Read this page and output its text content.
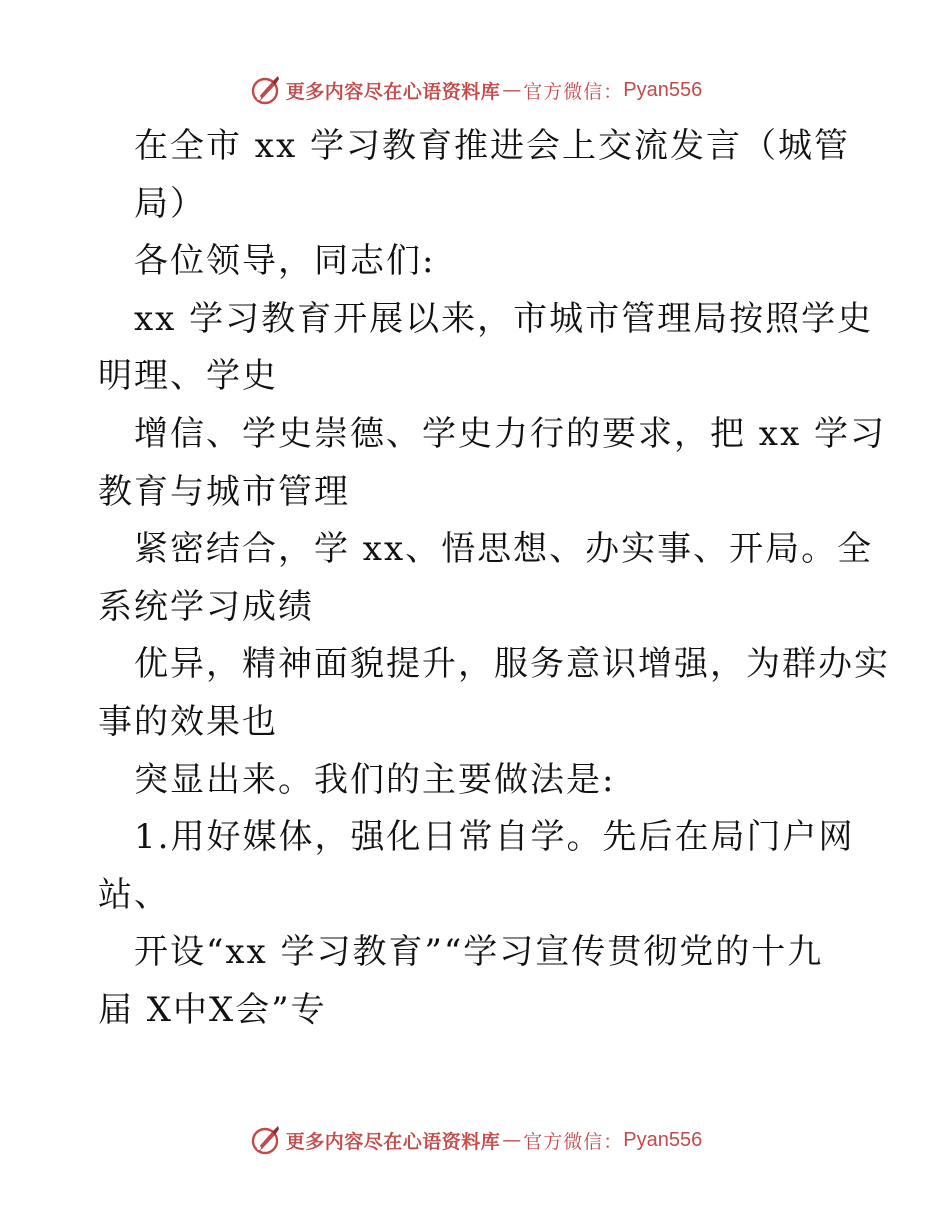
更多内容尽在心语资料库 — 官方微信： Pyan556
在全市 xx 学习教育推进会上交流发言（城管
局）
各位领导，同志们:
xx 学习教育开展以来，市城市管理局按照学史
明理、学史
增信、学史崇德、学史力行的要求，把 xx 学习
教育与城市管理
紧密结合，学 xx、悟思想、办实事、开局。全
系统学习成绩
优异，精神面貌提升，服务意识增强，为群办实
事的效果也
突显出来。我们的主要做法是:
1.用好媒体，强化日常自学。先后在局门户网
站、
开设“xx 学习教育”“学习宣传贯彻党的十九
届 X中X会”专
更多内容尽在心语资料库 — 官方微信： Pyan556
